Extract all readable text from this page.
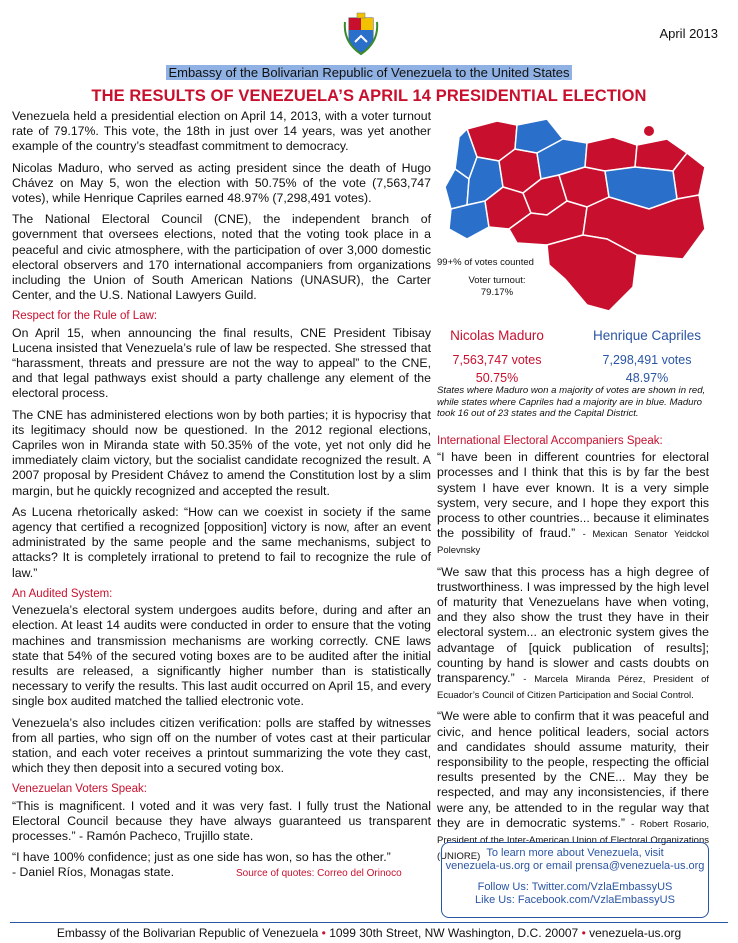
April 2013
Embassy of the Bolivarian Republic of Venezuela to the United States
THE RESULTS OF VENEZUELA’S APRIL 14 PRESIDENTIAL ELECTION

Venezuela held a presidential election on April 14, 2013, with a voter turnout rate of 79.17%. This vote, the 18th in just over 14 years, was yet another example of the country’s steadfast commitment to democracy.

Nicolas Maduro, who served as acting president since the death of Hugo Chávez on May 5, won the election with 50.75% of the vote (7,563,747 votes), while Henrique Capriles earned 48.97% (7,298,491 votes).

The National Electoral Council (CNE), the independent branch of government that oversees elections, noted that the voting took place in a peaceful and civic atmosphere, with the participation of over 3,000 domestic electoral observers and 170 international accompaniers from organizations including the Union of South American Nations (UNASUR), the Carter Center, and the U.S. National Lawyers Guild.

Respect for the Rule of Law:

On April 15, when announcing the final results, CNE President Tibisay Lucena insisted that Venezuela’s rule of law be respected. She stressed that “harassment, threats and pressure are not the way to appeal” to the CNE, and that legal pathways exist should a party challenge any element of the electoral process.

The CNE has administered elections won by both parties; it is hypocrisy that its legitimacy should now be questioned. In the 2012 regional elections, Capriles won in Miranda state with 50.35% of the vote, yet not only did he immediately claim victory, but the socialist candidate recognized the result. A 2007 proposal by President Chávez to amend the Constitution lost by a slim margin, but he quickly recognized and accepted the result.

As Lucena rhetorically asked: “How can we coexist in society if the same agency that certified a recognized [opposition] victory is now, after an event administrated by the same people and the same mechanisms, subject to attacks? It is completely irrational to pretend to fail to recognize the rule of law.”

An Audited System:

Venezuela’s electoral system undergoes audits before, during and after an election. At least 14 audits were conducted in order to ensure that the voting machines and transmission mechanisms are working correctly. CNE laws state that 54% of the secured voting boxes are to be audited after the initial results are released, a significantly higher number than is statistically necessary to verify the results. This last audit occurred on April 15, and every single box audited matched the tallied electronic vote.

Venezuela’s also includes citizen verification: polls are staffed by witnesses from all parties, who sign off on the number of votes cast at their particular station, and each voter receives a printout summarizing the vote they cast, which they then deposit into a secured voting box.

Venezuelan Voters Speak:

“This is magnificent. I voted and it was very fast. I fully trust the National Electoral Council because they have always guaranteed us transparent processes.” - Ramón Pacheco, Trujillo state.

“I have 100% confidence; just as one side has won, so has the other.”
- Daniel Ríos, Monagas state.	Source of quotes: Correo del Orinoco

99+% of votes counted
Voter turnout:
79.17%
Nicolas Maduro
7,563,747 votes
50.75%
Henrique Capriles
7,298,491 votes
48.97%
States where Maduro won a majority of votes are shown in red, while states where Capriles had a majority are in blue. Maduro took 16 out of 23 states and the Capital District.
International Electoral Accompaniers Speak:

“I have been in different countries for electoral processes and I think that this is by far the best system I have ever known. It is a very simple system, very secure, and I hope they export this process to other countries... because it eliminates the possibility of fraud.” - Mexican Senator Yeidckol Polevnsky

“We saw that this process has a high degree of trustworthiness. I was impressed by the high level of maturity that Venezuelans have when voting, and they also show the trust they have in their electoral system... an electronic system gives the advantage of [quick publication of results]; counting by hand is slower and casts doubts on transparency.” - Marcela Miranda Pérez, President of Ecuador’s Council of Citizen Participation and Social Control.

“We were able to confirm that it was peaceful and civic, and hence political leaders, social actors and candidates should assume maturity, their responsibility to the people, respecting the official results presented by the CNE... May they be respected, and may any inconsistencies, if there were any, be attended to in the regular way that they are in democratic systems.” - Robert Rosario, President of the Inter-American Union of Electoral Organizations (UNIORE) To learn more about Venezuela, visit
venezuela-us.org or email prensa@venezuela-us.org
Follow Us: Twitter.com/VzlaEmbassyUS
Like Us: Facebook.com/VzlaEmbassyUS
Embassy of the Bolivarian Republic of Venezuela • 1099 30th Street, NW Washington, D.C. 20007 • venezuela-us.org
